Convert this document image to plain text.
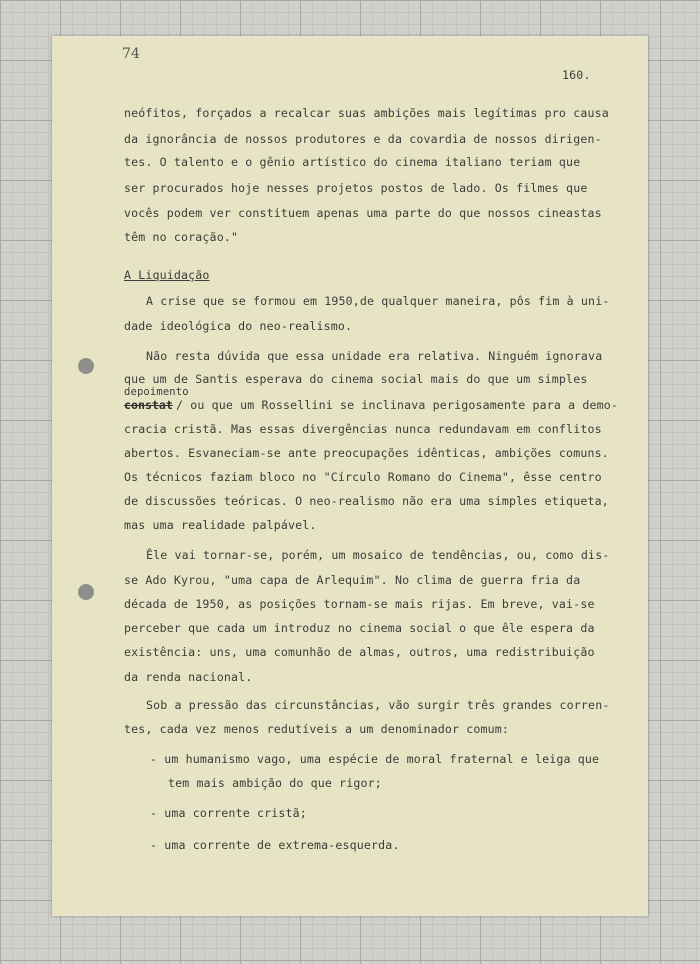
74
160.
neófitos, forçados a recalcar suas ambições mais legítimas pro causa
da ignorância de nossos produtores e da covardia de nossos dirigen-
tes. O talento e o gênio artístico do cinema italiano teriam que
ser procurados hoje nesses projetos postos de lado. Os filmes que
vocês podem ver constituem apenas uma parte do que nossos cineastas
têm no coração."
A Liquidação
A crise que se formou em 1950,de qualquer maneira, pôs fim à uni-
dade ideológica do neo-realismo.
Não resta dúvida que essa unidade era relativa. Ninguém ignorava
que um de Santis esperava do cinema social mais do que um simples
depoimento
constat / ou que um Rossellini se inclinava perigosamente para a demo-
cracia cristã. Mas essas divergências nunca redundavam em conflitos
abertos. Esvaneciam-se ante preocupações idênticas, ambições comuns.
Os técnicos faziam bloco no "Círculo Romano do Cinema", êsse centro
de discussões teóricas. O neo-realismo não era uma simples etiqueta,
mas uma realidade palpável.
Êle vai tornar-se, porém, um mosaico de tendências, ou, como dis-
se Ado Kyrou, "uma capa de Arlequim". No clima de guerra fria da
década de 1950, as posições tornam-se mais rijas. Em breve, vai-se
perceber que cada um introduz no cinema social o que êle espera da
existência: uns, uma comunhão de almas, outros, uma redistribuição
da renda nacional.
Sob a pressão das circunstâncias, vão surgir três grandes corren-
tes, cada vez menos redutíveis a um denominador comum:
- um humanismo vago, uma espécie de moral fraternal e leiga que
tem mais ambição do que rigor;
- uma corrente cristã;
- uma corrente de extrema-esquerda.
